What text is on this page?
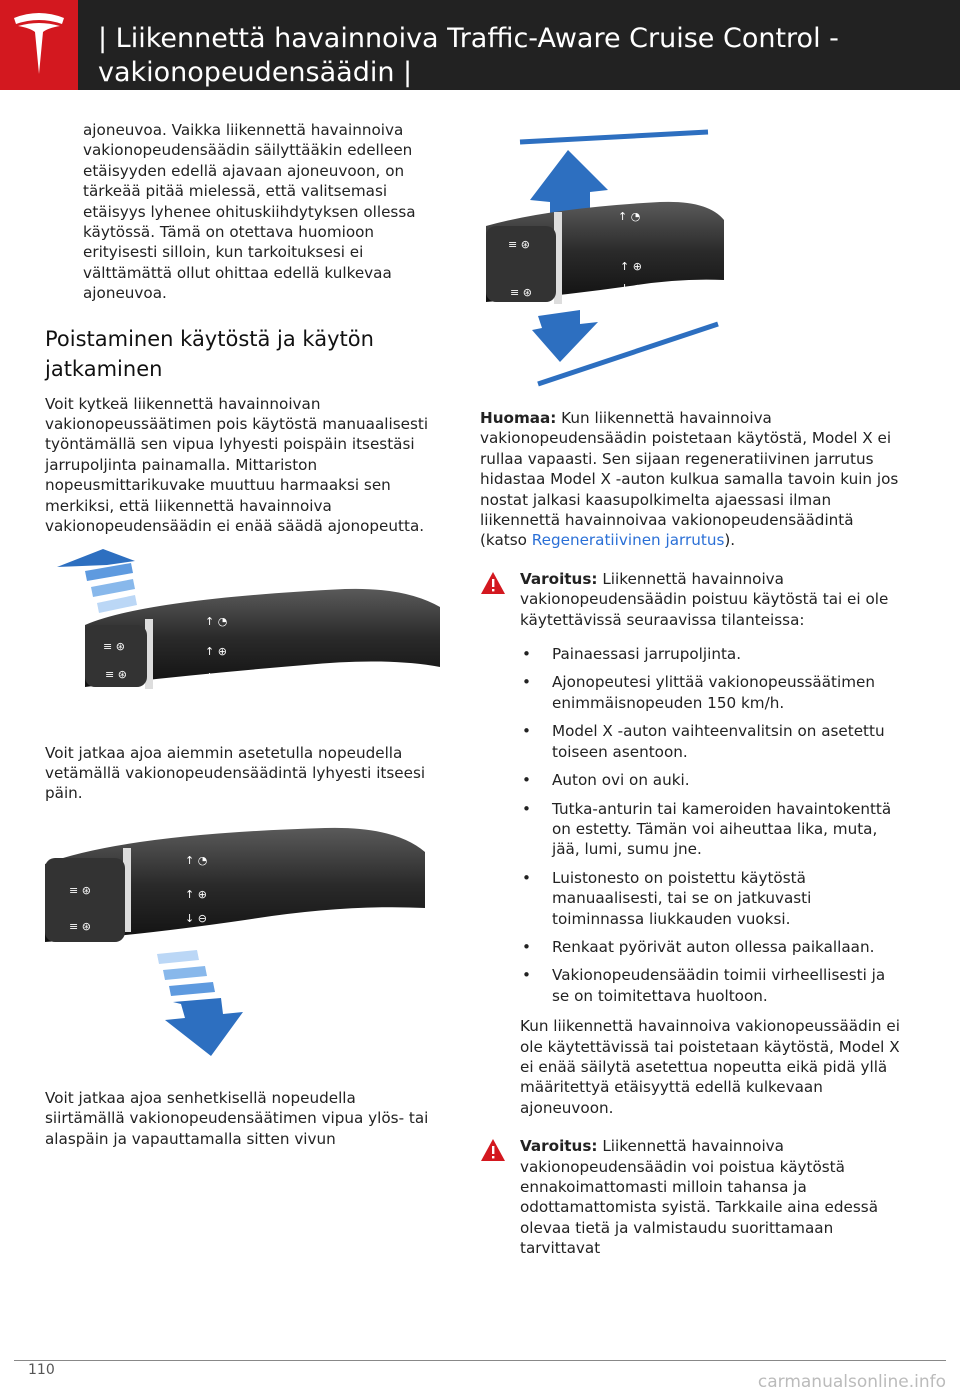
| Liikennettä havainnoiva Traffic-Aware Cruise Control - vakionopeudensäädin |

ajoneuvoa. Vaikka liikennettä havainnoiva vakionopeudensäädin säilyttääkin edelleen etäisyyden edellä ajavaan ajoneuvoon, on tärkeää pitää mielessä, että valitsemasi etäisyys lyhenee ohituskiihdytyksen ollessa käytössä. Tämä on otettava huomioon erityisesti silloin, kun tarkoituksesi ei välttämättä ollut ohittaa edellä kulkevaa ajoneuvoa.

Poistaminen käytöstä ja käytön jatkaminen

Voit kytkeä liikennettä havainnoivan vakionopeussäätimen pois käytöstä manuaalisesti työntämällä sen vipua lyhyesti poispäin itsestäsi jarrupoljinta painamalla. Mittariston nopeusmittarikuvake muuttuu harmaaksi sen merkiksi, että liikennettä havainnoiva vakionopeudensäädin ei enää säädä ajonopeutta.

≡ ⊛
≡ ⊛
↑ ◔
↑ ⊕
↓ ⊖

Voit jatkaa ajoa aiemmin asetetulla nopeudella vetämällä vakionopeudensäädintä lyhyesti itseesi päin.

≡ ⊛
≡ ⊛
↑ ◔
↑ ⊕
↓ ⊖

Voit jatkaa ajoa senhetkisellä nopeudella siirtämällä vakionopeudensäätimen vipua ylös- tai alaspäin ja vapauttamalla sitten vivun

≡ ⊛
≡ ⊛
↑ ◔
↑ ⊕
↓ ⊖

Huomaa: Kun liikennettä havainnoiva vakionopeudensäädin poistetaan käytöstä, Model X ei rullaa vapaasti. Sen sijaan regeneratiivinen jarrutus hidastaa Model X -auton kulkua samalla tavoin kuin jos nostat jalkasi kaasupolkimelta ajaessasi ilman liikennettä havainnoivaa vakionopeudensäädintä (katso Regeneratiivinen jarrutus).

Varoitus: Liikennettä havainnoiva vakionopeudensäädin poistuu käytöstä tai ei ole käytettävissä seuraavissa tilanteissa:

• Painaessasi jarrupoljinta.
• Ajonopeutesi ylittää vakionopeussäätimen enimmäisnopeuden 150 km/h.
• Model X -auton vaihteenvalitsin on asetettu toiseen asentoon.
• Auton ovi on auki.
• Tutka-anturin tai kameroiden havaintokenttä on estetty. Tämän voi aiheuttaa lika, muta, jää, lumi, sumu jne.
• Luistonesto on poistettu käytöstä manuaalisesti, tai se on jatkuvasti toiminnassa liukkauden vuoksi.
• Renkaat pyörivät auton ollessa paikallaan.
• Vakionopeudensäädin toimii virheellisesti ja se on toimitettava huoltoon.

Kun liikennettä havainnoiva vakionopeussäädin ei ole käytettävissä tai poistetaan käytöstä, Model X ei enää säilytä asetettua nopeutta eikä pidä yllä määritettyä etäisyyttä edellä kulkevaan ajoneuvoon.

Varoitus: Liikennettä havainnoiva vakionopeudensäädin voi poistua käytöstä ennakoimattomasti milloin tahansa ja odottamattomista syistä. Tarkkaile aina edessä olevaa tietä ja valmistaudu suorittamaan tarvittavat

110
carmanualsonline.info
